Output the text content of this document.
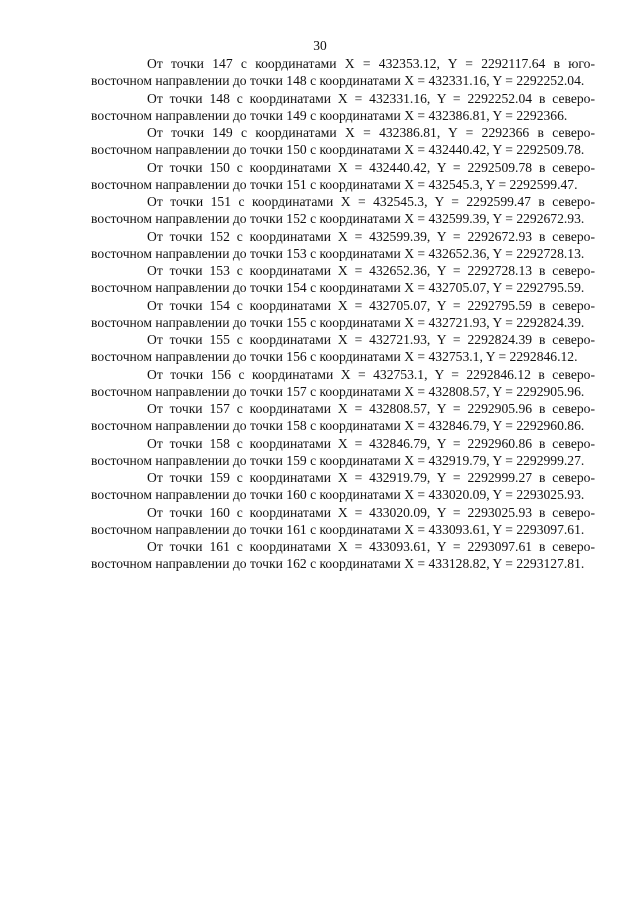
30

От точки 147 с координатами X = 432353.12, Y = 2292117.64 в юго-восточном направлении до точки 148 с координатами X = 432331.16, Y = 2292252.04.

От точки 148 с координатами X = 432331.16, Y = 2292252.04 в северо-восточном направлении до точки 149 с координатами X = 432386.81, Y = 2292366.

От точки 149 с координатами X = 432386.81, Y = 2292366 в северо-восточном направлении до точки 150 с координатами X = 432440.42, Y = 2292509.78.

От точки 150 с координатами X = 432440.42, Y = 2292509.78 в северо-восточном направлении до точки 151 с координатами X = 432545.3, Y = 2292599.47.

От точки 151 с координатами X = 432545.3, Y = 2292599.47 в северо-восточном направлении до точки 152 с координатами X = 432599.39, Y = 2292672.93.

От точки 152 с координатами X = 432599.39, Y = 2292672.93 в северо-восточном направлении до точки 153 с координатами X = 432652.36, Y = 2292728.13.

От точки 153 с координатами X = 432652.36, Y = 2292728.13 в северо-восточном направлении до точки 154 с координатами X = 432705.07, Y = 2292795.59.

От точки 154 с координатами X = 432705.07, Y = 2292795.59 в северо-восточном направлении до точки 155 с координатами X = 432721.93, Y = 2292824.39.

От точки 155 с координатами X = 432721.93, Y = 2292824.39 в северо-восточном направлении до точки 156 с координатами X = 432753.1, Y = 2292846.12.

От точки 156 с координатами X = 432753.1, Y = 2292846.12 в северо-восточном направлении до точки 157 с координатами X = 432808.57, Y = 2292905.96.

От точки 157 с координатами X = 432808.57, Y = 2292905.96 в северо-восточном направлении до точки 158 с координатами X = 432846.79, Y = 2292960.86.

От точки 158 с координатами X = 432846.79, Y = 2292960.86 в северо-восточном направлении до точки 159 с координатами X = 432919.79, Y = 2292999.27.

От точки 159 с координатами X = 432919.79, Y = 2292999.27 в северо-восточном направлении до точки 160 с координатами X = 433020.09, Y = 2293025.93.

От точки 160 с координатами X = 433020.09, Y = 2293025.93 в северо-восточном направлении до точки 161 с координатами X = 433093.61, Y = 2293097.61.

От точки 161 с координатами X = 433093.61, Y = 2293097.61 в северо-восточном направлении до точки 162 с координатами X = 433128.82, Y = 2293127.81.
